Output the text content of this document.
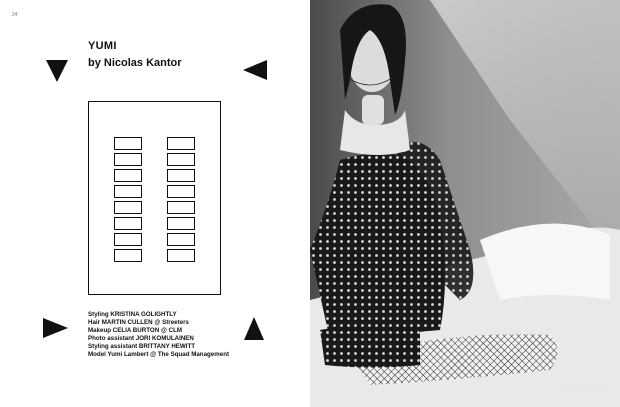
24
YUMI
by Nicolas Kantor
Styling KRISTINA GOLIGHTLY
Hair MARTIN CULLEN @ Streeters
Makeup CELIA BURTON @ CLM
Photo assistant JORI KOMULAINEN
Styling assistant BRITTANY HEWITT
Model Yumi Lambert @ The Squad Management
Polka dot dress SAINT LAURENT by Hedi Slimane; tights WOLFORD
